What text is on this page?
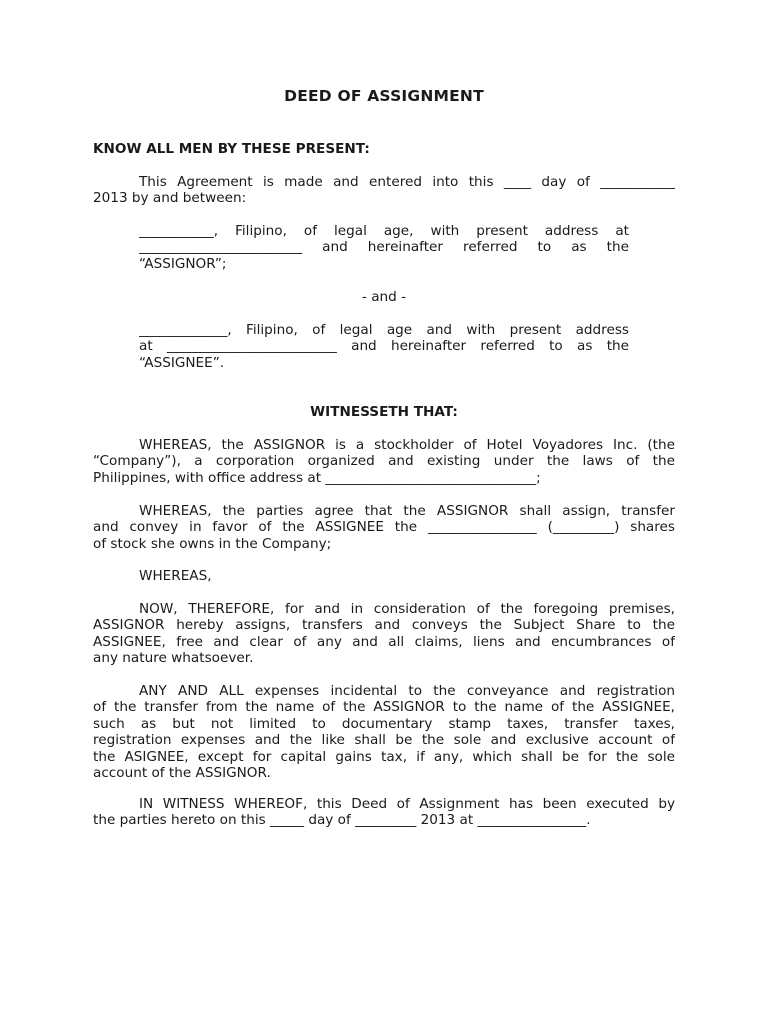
DEED OF ASSIGNMENT
KNOW ALL MEN BY THESE PRESENT:
This Agreement is made and entered into this ____ day of ___________
2013 by and between:
___________, Filipino, of legal age, with present address at
________________________ and hereinafter referred to as the
“ASSIGNOR”;
- and -
_____________, Filipino, of legal age and with present address
at _________________________ and hereinafter referred to as the
“ASSIGNEE”.
WITNESSETH THAT:
WHEREAS, the ASSIGNOR is a stockholder of Hotel Voyadores Inc. (the
“Company”), a corporation organized and existing under the laws of the
Philippines, with office address at _______________________________;
WHEREAS, the parties agree that the ASSIGNOR shall assign, transfer
and convey in favor of the ASSIGNEE the ________________ (_________) shares
of stock she owns in the Company;
WHEREAS,
NOW, THEREFORE, for and in consideration of the foregoing premises,
ASSIGNOR hereby assigns, transfers and conveys the Subject Share to the
ASSIGNEE, free and clear of any and all claims, liens and encumbrances of
any nature whatsoever.
ANY AND ALL expenses incidental to the conveyance and registration
of the transfer from the name of the ASSIGNOR to the name of the ASSIGNEE,
such as but not limited to documentary stamp taxes, transfer taxes,
registration expenses and the like shall be the sole and exclusive account of
the ASIGNEE, except for capital gains tax, if any, which shall be for the sole
account of the ASSIGNOR.
IN WITNESS WHEREOF, this Deed of Assignment has been executed by
the parties hereto on this _____ day of _________ 2013 at ________________.
